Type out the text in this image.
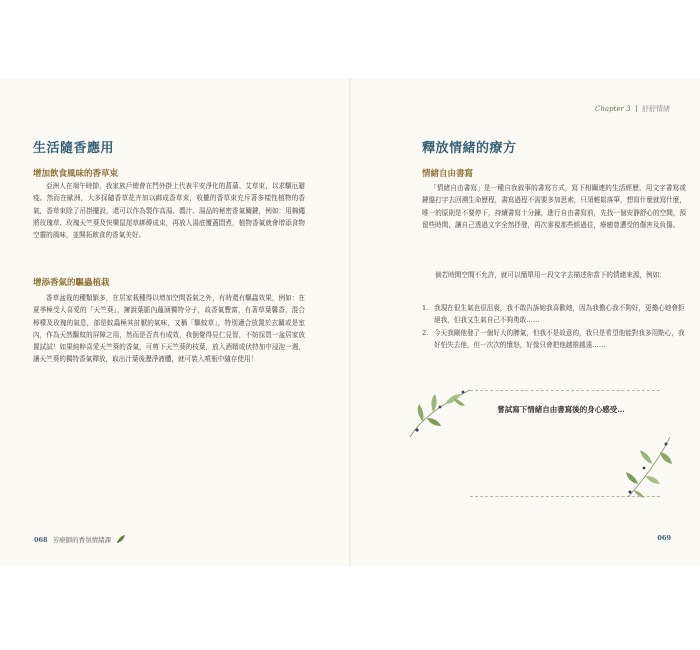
生活隨香應用
增加飲食風味的香草束

亞洲人在端午時節，我家族戶總會在門外掛上代表平安淨化的菖蒲、艾草束，以求驅厄避疫。然而在歐洲，大多採隨香草花卉加以綁成香草束，收攏的香草束充斥著多樣性植物的香氣，香草束除了吊掛擺設，還可以作為製作高湯、醬汁、湯品的秘密香氣關鍵，例如：用棉繩將玫瑰草、玫瑰天竺葵及快樂鼠尾草綁縛成束，再放入湯底覆蓋悶煮，植物香氣就會增添食物空靈的風味，並開拓飲食的香氣美好。

增添香氣的驅蟲植栽

香草盆栽的種類繁多，在居家栽種得以增加空間香氣之外，有時還有驅蟲效果，例如：在夏季極受人喜愛的「天竺葵」，擁說葉脈內蘊涵獨特分子，故香氣豐富，有著草葉馨香，混合檸檬及玫瑰的氣息，部是蚊蟲極其討厭的氣味，又稱「驅蚊草」，特別適合放置於玄關或是室內，作為天然驅蚊的屏障之用，然而是否真有成效，我倒覺得見仁見智，不妨採買一盆居家放置試試！如果純粹喜愛天竺葵的香氣，可剪下天竺葵的枝葉，放入酒精或伏特加中浸泡一週，讓天竺葵的獨特香氣釋放，取出汁葉後瀝淨液體，就可裝入噴瓶中隨存使用！

068 芳療師的香氛情緒課
Chapter 3 舒舒情緒
釋放情緒的療方
情緒自由書寫

「情緒自由書寫」是一種自我敘事的書寫方式，寫下相關連的生活經歷，用文字書寫或鍵盤打字去回溯生命歷程，書寫過程不需要多加思索，只須輕鬆落筆，想寫什麼就寫什麼，唯一的原則是不要停下，持續書寫十分鐘，進行自由書寫前，先找一個安靜舒心的空間，預留些時間，讓自己透過文字全然抒發，再次審視那些經過往，療癒曾遭受的傷害及負傷。

倘若時間空間不允許，就可以簡單用一段文字去描述你當下的情緒來源，例如：

1. 我現在很生氣也很沮喪，我不敢告訴她我喜歡她，因為我擔心我不夠好，更擔心她會拒絕我，但我又生氣自己不夠勇敢……
2. 今天我剛他發了一個好大的脾氣，但我不是故意的，我只是希望他能對我多用點心，我好怕失去他，但一次次的憤怒，好像只會把他越推越遠……
069
嘗試寫下情緒自由書寫後的身心感受…
